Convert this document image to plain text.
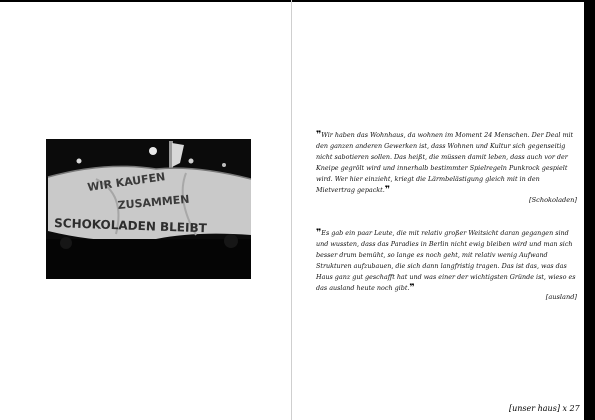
WIR KAUFEN
ZUSAMMEN
SCHOKOLADEN BLEIBT

❞Wir haben das Wohnhaus, da wohnen im Moment 24 Menschen. Der Deal mit den ganzen anderen Gewerken ist, dass Wohnen und Kultur sich gegenseitig nicht sabotieren sollen. Das heißt, die müssen damit leben, dass auch vor der Kneipe gegrölt wird und innerhalb bestimmter Spielregeln Punkrock gespielt wird. Wer hier einzieht, kriegt die Lärmbelästigung gleich mit in den Mietvertrag gepackt.❞

[Schokoladen]

❞Es gab ein paar Leute, die mit relativ großer Weitsicht daran gegangen sind und wussten, dass das Paradies in Berlin nicht ewig bleiben wird und man sich besser drum bemüht, so lange es noch geht, mit relativ wenig Aufwand Strukturen aufzubauen, die sich dann langfristig tragen. Das ist das, was das Haus ganz gut geschafft hat und was einer der wichtigsten Gründe ist, wieso es das ausland heute noch gibt.❞

[ausland]
[unser haus] x 27
